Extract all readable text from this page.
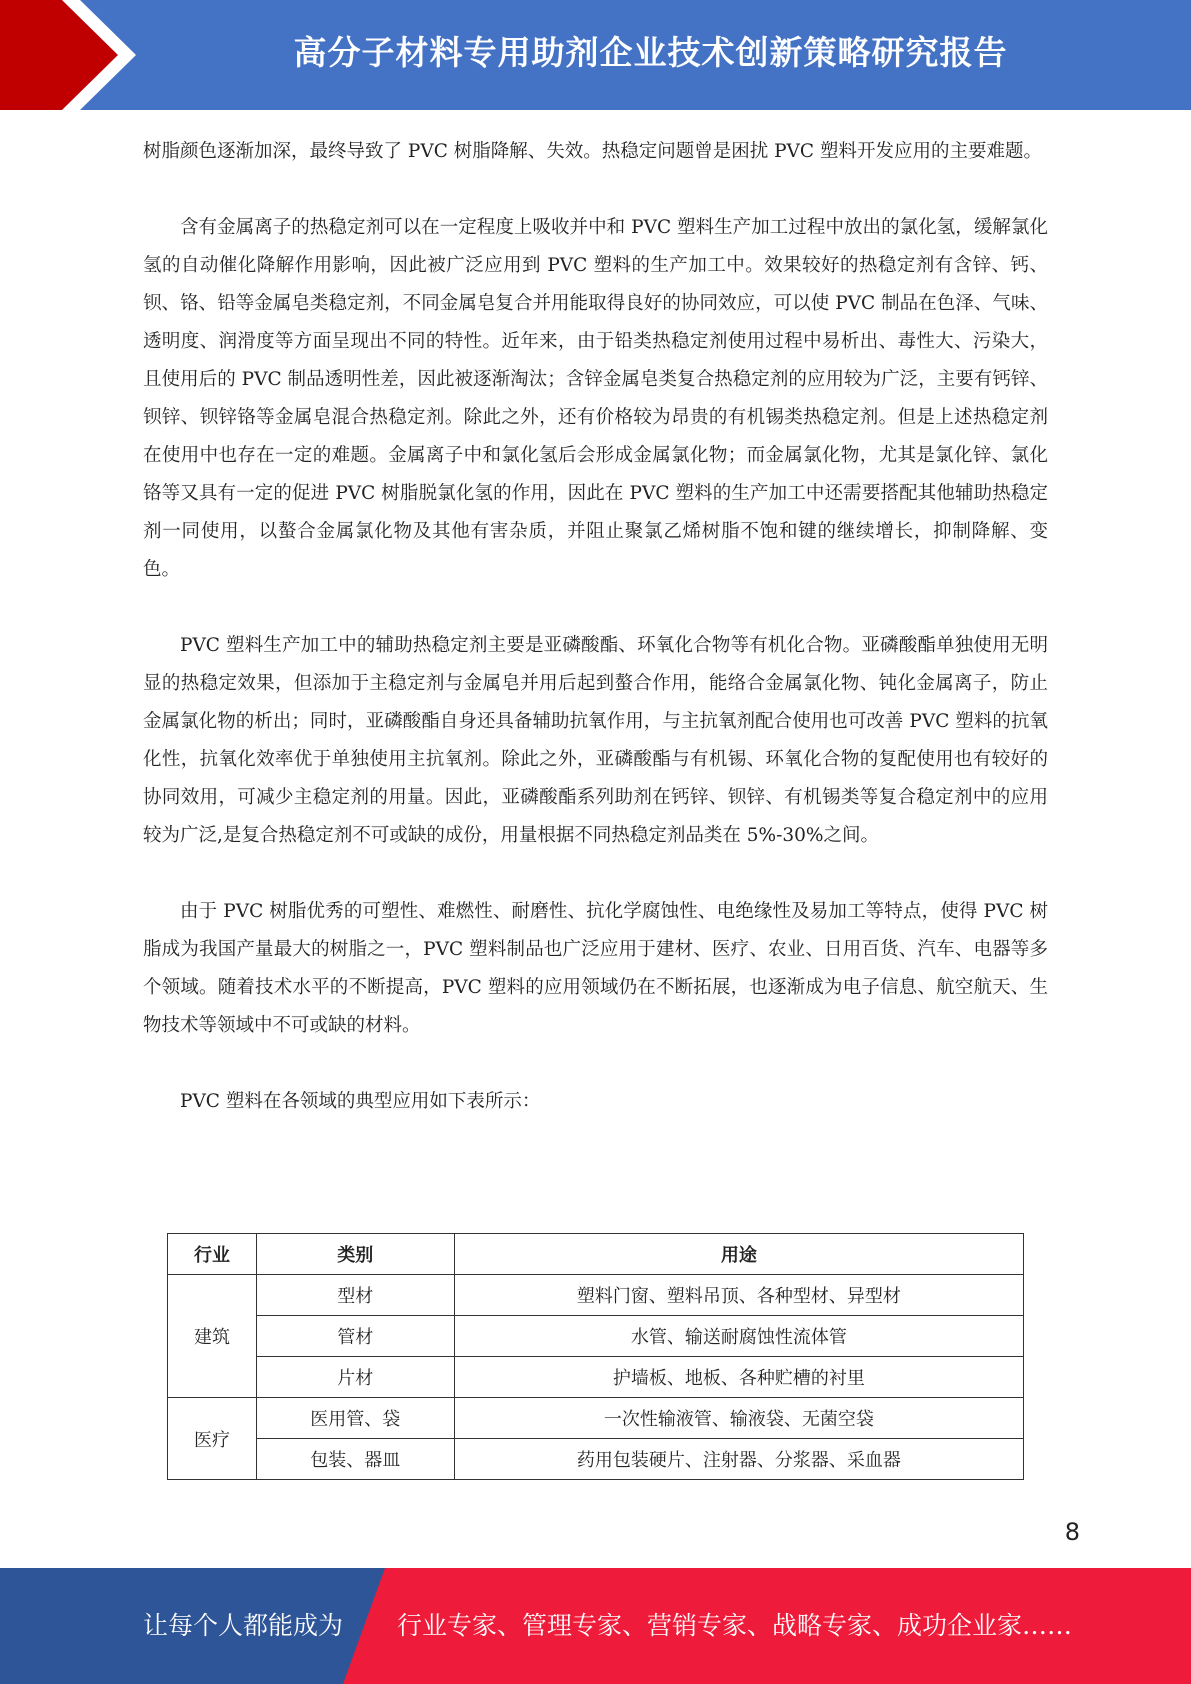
高分子材料专用助剂企业技术创新策略研究报告

树脂颜色逐渐加深，最终导致了 PVC 树脂降解、失效。热稳定问题曾是困扰 PVC 塑料开发应用的主要难题。

含有金属离子的热稳定剂可以在一定程度上吸收并中和 PVC 塑料生产加工过程中放出的氯化氢，缓解氯化氢的自动催化降解作用影响，因此被广泛应用到 PVC 塑料的生产加工中。效果较好的热稳定剂有含锌、钙、钡、铬、铅等金属皂类稳定剂，不同金属皂复合并用能取得良好的协同效应，可以使 PVC 制品在色泽、气味、透明度、润滑度等方面呈现出不同的特性。近年来，由于铅类热稳定剂使用过程中易析出、毒性大、污染大，且使用后的 PVC 制品透明性差，因此被逐渐淘汰；含锌金属皂类复合热稳定剂的应用较为广泛，主要有钙锌、钡锌、钡锌铬等金属皂混合热稳定剂。除此之外，还有价格较为昂贵的有机锡类热稳定剂。但是上述热稳定剂在使用中也存在一定的难题。金属离子中和氯化氢后会形成金属氯化物；而金属氯化物，尤其是氯化锌、氯化铬等又具有一定的促进 PVC 树脂脱氯化氢的作用，因此在 PVC 塑料的生产加工中还需要搭配其他辅助热稳定剂一同使用，以螯合金属氯化物及其他有害杂质，并阻止聚氯乙烯树脂不饱和键的继续增长，抑制降解、变色。

PVC 塑料生产加工中的辅助热稳定剂主要是亚磷酸酯、环氧化合物等有机化合物。亚磷酸酯单独使用无明显的热稳定效果，但添加于主稳定剂与金属皂并用后起到螯合作用，能络合金属氯化物、钝化金属离子，防止金属氯化物的析出；同时，亚磷酸酯自身还具备辅助抗氧作用，与主抗氧剂配合使用也可改善 PVC 塑料的抗氧化性，抗氧化效率优于单独使用主抗氧剂。除此之外，亚磷酸酯与有机锡、环氧化合物的复配使用也有较好的协同效用，可减少主稳定剂的用量。因此，亚磷酸酯系列助剂在钙锌、钡锌、有机锡类等复合稳定剂中的应用较为广泛,是复合热稳定剂不可或缺的成份，用量根据不同热稳定剂品类在 5%-30%之间。

由于 PVC 树脂优秀的可塑性、难燃性、耐磨性、抗化学腐蚀性、电绝缘性及易加工等特点，使得 PVC 树脂成为我国产量最大的树脂之一，PVC 塑料制品也广泛应用于建材、医疗、农业、日用百货、汽车、电器等多个领域。随着技术水平的不断提高，PVC 塑料的应用领域仍在不断拓展，也逐渐成为电子信息、航空航天、生物技术等领域中不可或缺的材料。

PVC 塑料在各领域的典型应用如下表所示：

行业	类别	用途
建筑	型材	塑料门窗、塑料吊顶、各种型材、异型材
	管材	水管、输送耐腐蚀性流体管
	片材	护墙板、地板、各种贮槽的衬里
医疗	医用管、袋	一次性输液管、输液袋、无菌空袋
	包装、器皿	药用包装硬片、注射器、分浆器、采血器
8
让每个人都能成为 行业专家、管理专家、营销专家、战略专家、成功企业家……
